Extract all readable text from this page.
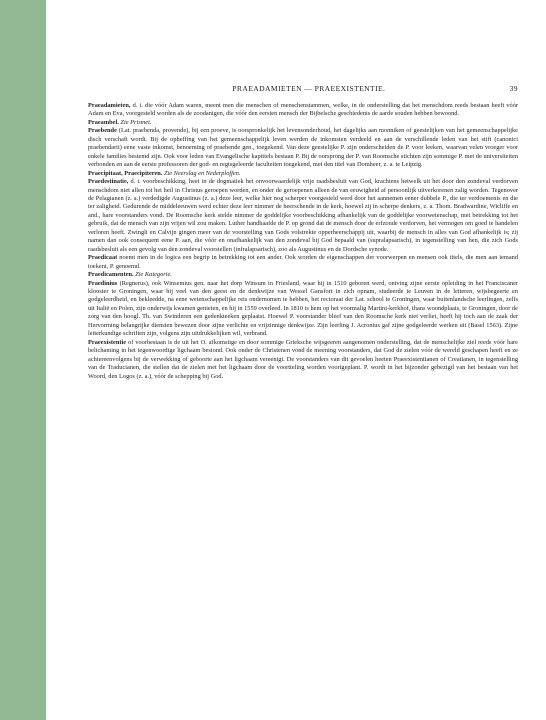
PRAEADAMIETEN — PRAEEXISTENTIE.	39

Praeadamieten, d. i. die vóór Adam waren, meent men die menschen of menschenstammen, welke, in de onderstelling dat het menschdom reeds bestaan heeft vóór Adam en Eva, voorgesteld worden als de zoodanigen, die vóór den eersten mensch der Bijbelsche geschiedenis de aarde souden hebben bewoond.

Praeambel. Zie Prismet.

Praebende (Lat. praebenda, provende), bij een proeve, is oorspronkelijk het levensonderhoud, het dagelijks aan monniken of geestelijken van het gemeenschappelijke disch verschaft wordt. Bij de opheffing van het gemeenschappelijk leven werden de inkomsten verdeeld en aan de verschillende leden van het stift (canonici praebendarii) eene vaste inkomst, benoeming of praebende gen., toegekend. Van deze geestelijke P. zijn onderscheiden de P. voor leeken, waarvan velen vroeger voor enkele families bestemd zijn. Ook voor leden van Evangelische kapittels bestaan P. Bij de oorsprong der P. van Roomsche stichten zijn sommige P. met de universiteiten verbonden en aan de eerste professoren der god- en regtsgeleerde faculteiten toegekend, met den titel van Domheer, z. a. te Leipzig.

Praecipitaat, Praecipiteren. Zie Neerslag en Nederploffen.

Praedestinatie, d. i. voorbeschikking, heet in de dogmatiek het onvoorwaardelijk vrije raadsbesluit van God, krachtens hetwelk uit het door den zondeval verdorven menschdom niet allen tot het heil in Christus geroepen worden, en onder de geroepenen alleen de van eeuwigheid af persoonlijk uitverkorenen zalig worden. Tegenover de Pelagianen (z. a.) verdedigde Augustinus (z. a.) deze leer, welke hier nog scherper voorgesteld werd door het aannemen eener dubbele P., die ter verdoemenis en die ter zaligheid. Gedurende de middeleeuwen werd echter deze leer nimmer de heerschende in de kerk, hoewel zij in scherpe denkers, z. a. Thom. Bradwardine, Wicliffe en and., hare voorstanders vond. De Roomsche kerk stelde nimmer de goddelijke voorbeschikking afhankelijk van de goddelijke voorwetenschap, met betrekking tot het gebruik, dat de mensch van zijn vrijen wil zou maken. Luther handhaafde de P. op grond dat de mensch door de erfzonde verdorven, het vermogen om goed te handelen verloren heeft. Zwingli en Calvijn gingen meer van de voorstelling van Gods volstrekte opperheerschappij uit, waarbij de mensch in alles van God afhankelijk is; zij namen dan ook consequent eene P. aan, die vóór en onafhankelijk van den zondeval bij God bepaald van (supralapsarisch), in tegenstelling van hen, die zich Gods raadsbesluit als een gevolg van den zondeval voorstellen (infralapsarisch), zoo als Augustinus en de Dordsche synode.

Praedicaat noemt men in de logica een begrip in betrekking tot een ander. Ook worden de eigenschappen der voorwerpen en mensen ook titels, die men aan iemand toekent, P. genoemd.

Praedicamenten. Zie Kategorie.

Praedinius (Regnerus), ook Winsemius gen. naar het dorp Winsum in Friesland, waar hij in 1510 geboren werd, ontving zijne eerste opleiding in het Franciscaner klooster te Groningen, waar hij veel van den geest en de denkwijze van Wessel Gansfort in zich opnam, studeerde te Leuven in de letteren, wijsbegeerte en godgeleerdheid, en bekleedde, na eene wetenschappelijke reis ondernomen te hebben, het rectoraat der Lat. school te Groningen, waar buitenlandsche leerlingen, zelfs uit Italië en Polen, zijn onderwijs kwamen genieten, en hij in 1559 overleed. In 1810 is hem op het voormalig Martini-kerkhof, thans woondplaats, te Groningen, door de zorg van den hoogl. Th. van Swinderen een gedenkteeken geplaatst. Hoewel P. voorstander bleef van den Roomsche kerk niet verliet, heeft hij toch aan de zaak der Hervorming belangrijke diensten bewezen door zijne verlichte en vrijzinnige denkwijze. Zijn leerling J. Acronius gaf zijne godgeleerde werken uit (Basel 1563). Zijne letterkundige schriften zijn, volgens zijn uitdrukkelijken wil, verbrand.

Praeexistentie of voorbestaan is de uit het O. afkomstige en door sommige Grieksche wijsgeeren aangenomen onderstelling, dat de menschelijke ziel reeds vóór hare belichaming in het tegenwoordige ligchaam bestond. Ook onder de Christenen vond de meening voorstanders, dat God de zielen vóór de wereld geschapen heeft en ze achtereenvolgens bij de verwekking of geboorte aan het ligchaam vereenigt. De voorstanders van dit gevoelen heeten Praeexistentianen of Creatianen, in tegenstelling van de Traducianen, die stellen dat de zielen met het ligchaam door de voortteling worden voortgeplant. P. wordt in het bijzonder gebezigd van het bestaan van het Woord, den Logos (z. a.), vóór de schepping bij God.
